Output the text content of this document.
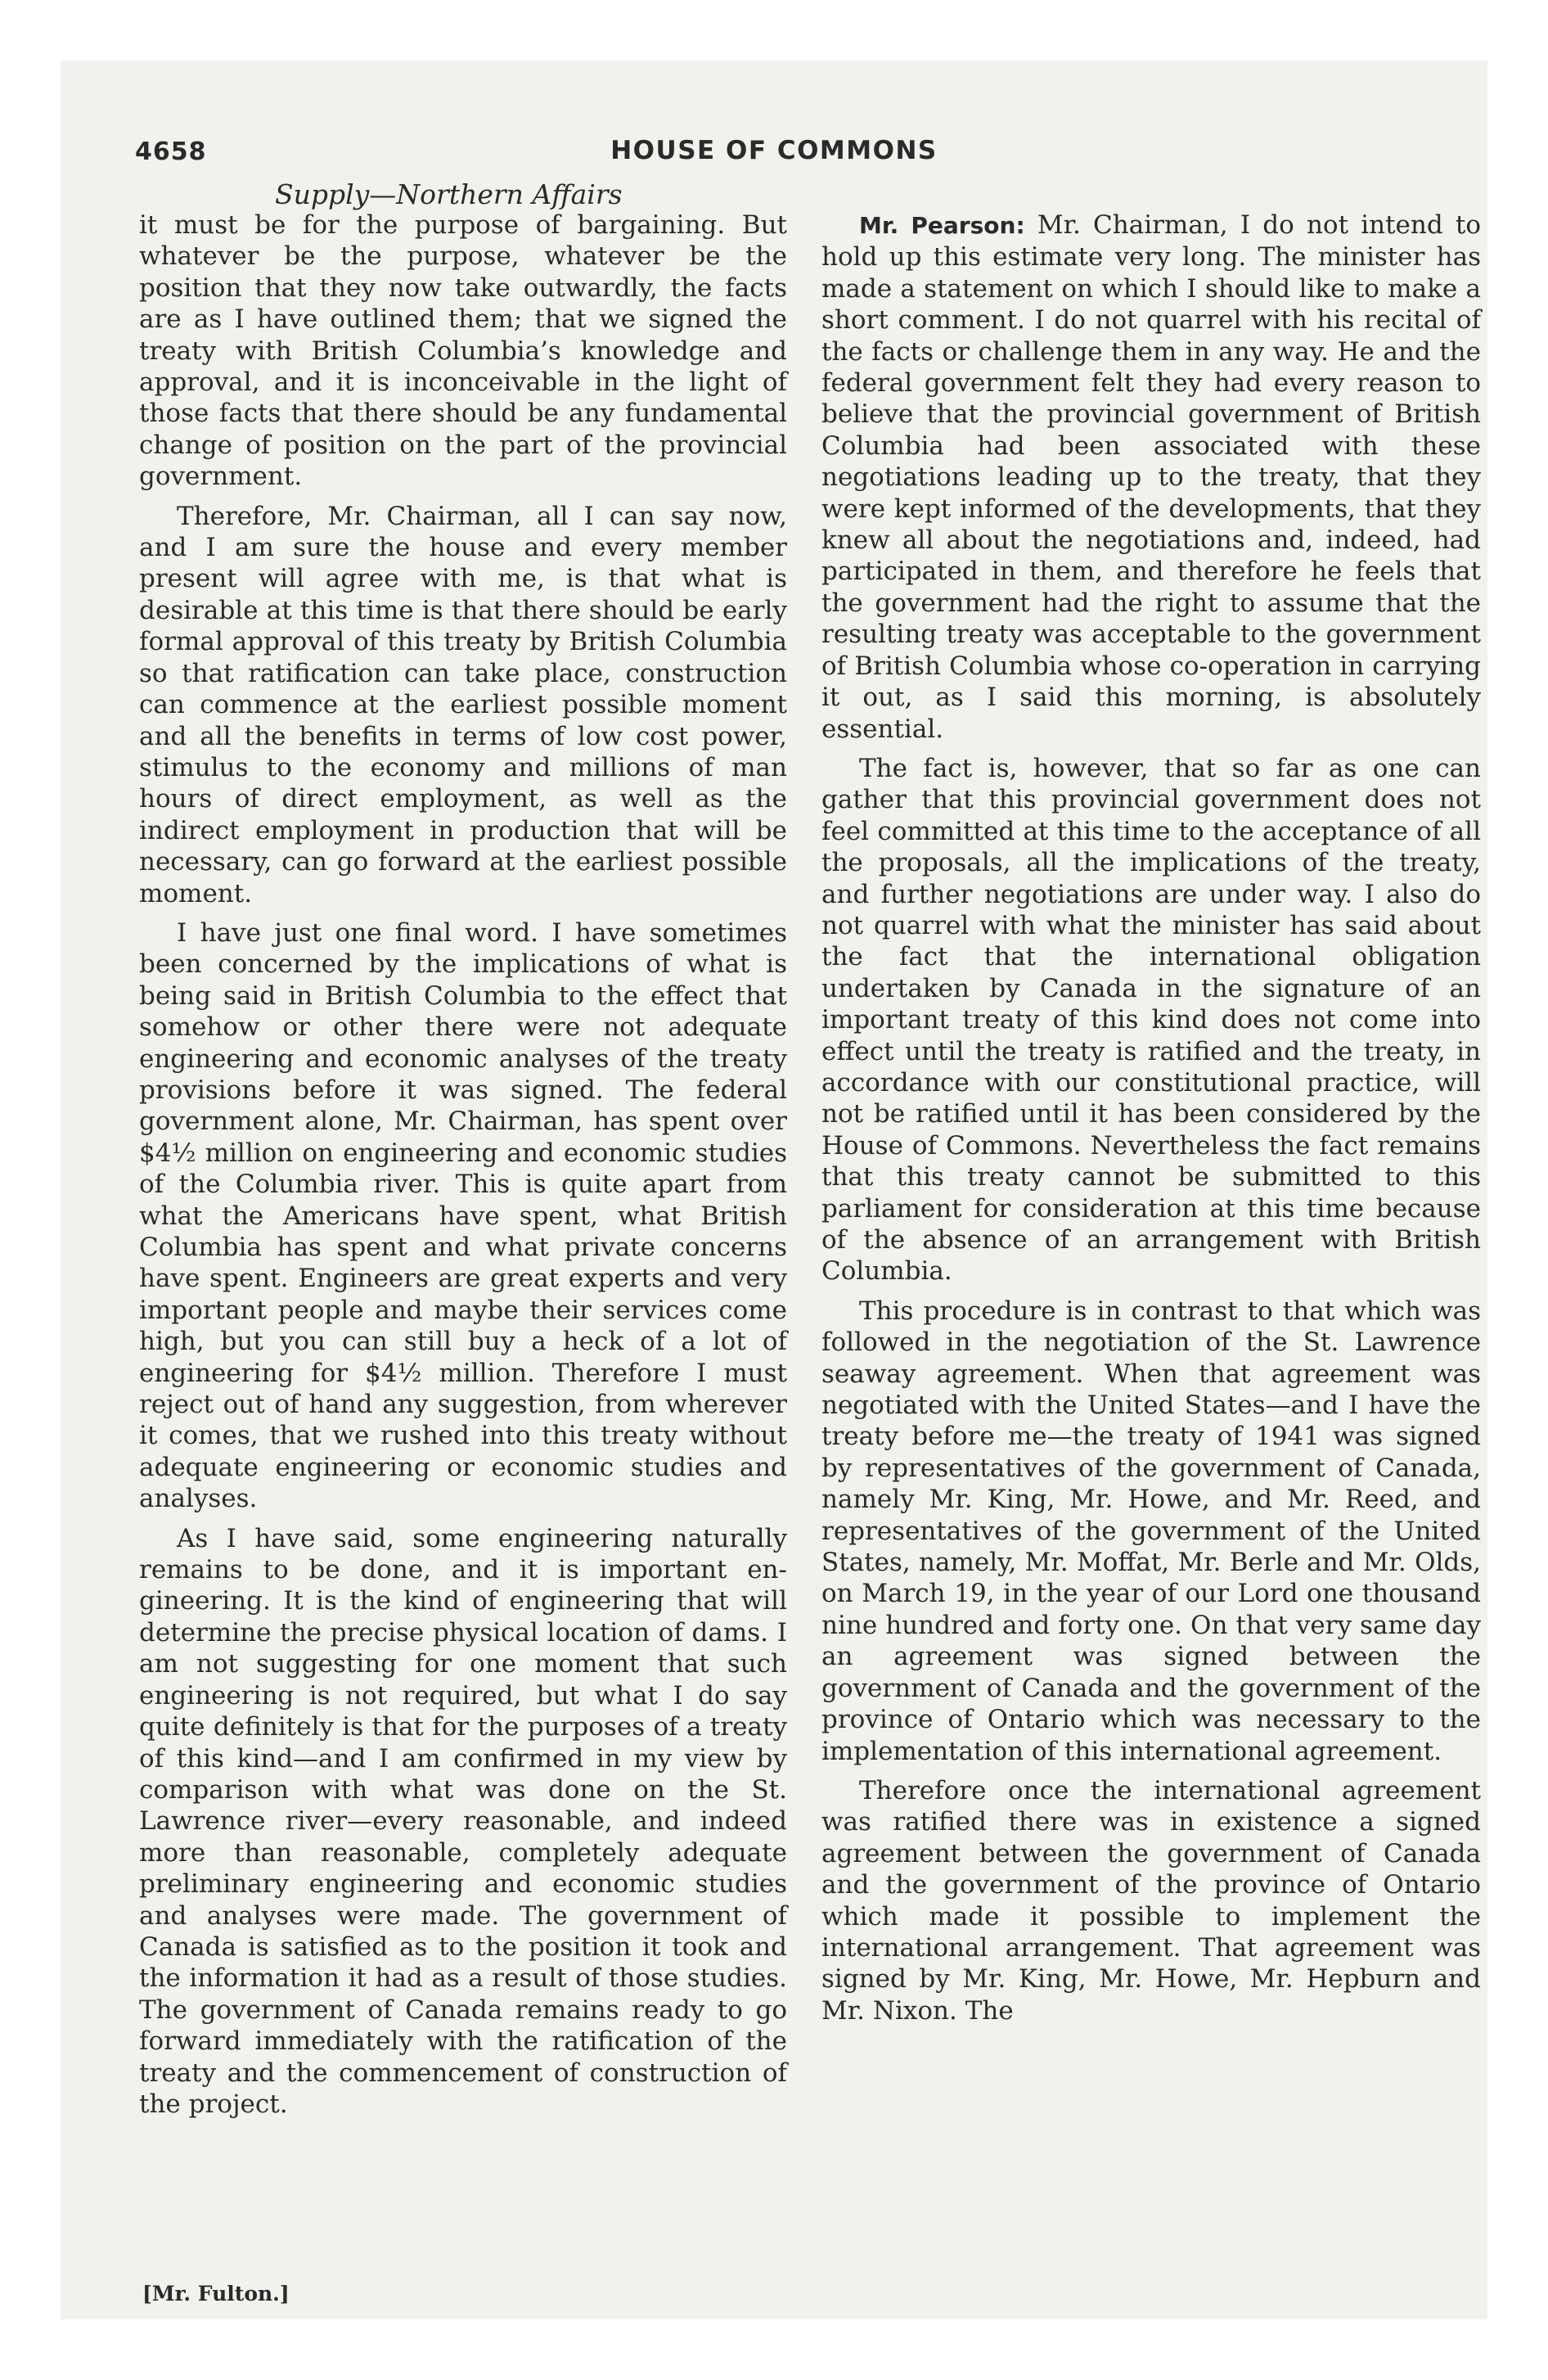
4658	HOUSE OF COMMONS
Supply—Northern Affairs

it must be for the purpose of bargaining. But whatever be the purpose, whatever be the position that they now take outwardly, the facts are as I have outlined them; that we signed the treaty with British Columbia’s knowledge and approval, and it is inconceivable in the light of those facts that there should be any fundamental change of position on the part of the provincial government.

Therefore, Mr. Chairman, all I can say now, and I am sure the house and every member present will agree with me, is that what is desirable at this time is that there should be early formal approval of this treaty by British Columbia so that ratification can take place, construction can commence at the earliest possible moment and all the benefits in terms of low cost power, stimulus to the economy and millions of man hours of direct employment, as well as the indirect employment in production that will be necessary, can go forward at the earliest possible moment.

I have just one final word. I have sometimes been concerned by the implications of what is being said in British Columbia to the effect that somehow or other there were not adequate engineering and economic analyses of the treaty provisions before it was signed. The federal government alone, Mr. Chairman, has spent over $4½ million on engineering and economic studies of the Columbia river. This is quite apart from what the Americans have spent, what British Columbia has spent and what private concerns have spent. Engineers are great experts and very important people and maybe their services come high, but you can still buy a heck of a lot of engineering for $4½ million. Therefore I must reject out of hand any suggestion, from wherever it comes, that we rushed into this treaty without adequate engineering or economic studies and analyses.

As I have said, some engineering naturally remains to be done, and it is important engineering. It is the kind of engineering that will determine the precise physical location of dams. I am not suggesting for one moment that such engineering is not required, but what I do say quite definitely is that for the purposes of a treaty of this kind—and I am confirmed in my view by comparison with what was done on the St. Lawrence river—every reasonable, and indeed more than reasonable, completely adequate preliminary engineering and economic studies and analyses were made. The government of Canada is satisfied as to the position it took and the information it had as a result of those studies. The government of Canada remains ready to go forward immediately with the ratification of the treaty and the commencement of construction of the project.

Mr. Pearson: Mr. Chairman, I do not intend to hold up this estimate very long. The minister has made a statement on which I should like to make a short comment. I do not quarrel with his recital of the facts or challenge them in any way. He and the federal government felt they had every reason to believe that the provincial government of British Columbia had been associated with these negotiations leading up to the treaty, that they were kept informed of the developments, that they knew all about the negotiations and, indeed, had participated in them, and therefore he feels that the government had the right to assume that the resulting treaty was acceptable to the government of British Columbia whose co-operation in carrying it out, as I said this morning, is absolutely essential.

The fact is, however, that so far as one can gather that this provincial government does not feel committed at this time to the acceptance of all the proposals, all the implications of the treaty, and further negotiations are under way. I also do not quarrel with what the minister has said about the fact that the international obligation undertaken by Canada in the signature of an important treaty of this kind does not come into effect until the treaty is ratified and the treaty, in accordance with our constitutional practice, will not be ratified until it has been considered by the House of Commons. Nevertheless the fact remains that this treaty cannot be submitted to this parliament for consideration at this time because of the absence of an arrangement with British Columbia.

This procedure is in contrast to that which was followed in the negotiation of the St. Lawrence seaway agreement. When that agreement was negotiated with the United States—and I have the treaty before me—the treaty of 1941 was signed by representatives of the government of Canada, namely Mr. King, Mr. Howe, and Mr. Reed, and representatives of the government of the United States, namely, Mr. Moffat, Mr. Berle and Mr. Olds, on March 19, in the year of our Lord one thousand nine hundred and forty one. On that very same day an agreement was signed between the government of Canada and the government of the province of Ontario which was necessary to the implementation of this international agreement.

Therefore once the international agreement was ratified there was in existence a signed agreement between the government of Canada and the government of the province of Ontario which made it possible to implement the international arrangement. That agreement was signed by Mr. King, Mr. Howe, Mr. Hepburn and Mr. Nixon. The

[Mr. Fulton.]
